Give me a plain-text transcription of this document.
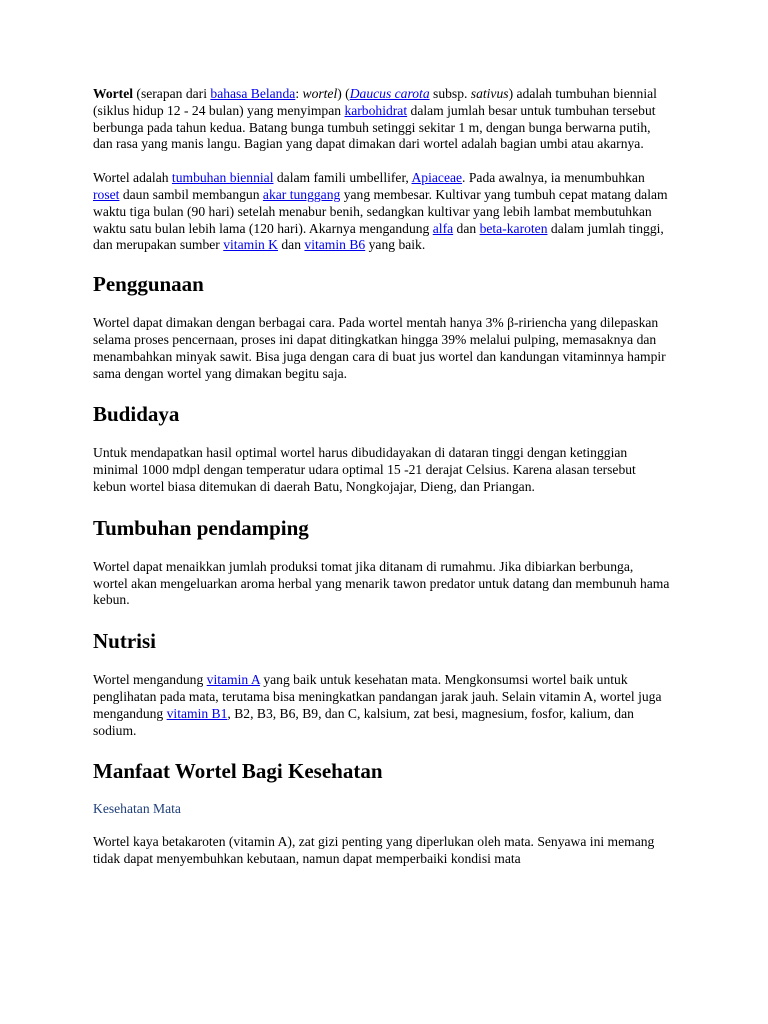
Wortel (serapan dari bahasa Belanda: wortel) (Daucus carota subsp. sativus) adalah tumbuhan biennial (siklus hidup 12 - 24 bulan) yang menyimpan karbohidrat dalam jumlah besar untuk tumbuhan tersebut berbunga pada tahun kedua. Batang bunga tumbuh setinggi sekitar 1 m, dengan bunga berwarna putih, dan rasa yang manis langu. Bagian yang dapat dimakan dari wortel adalah bagian umbi atau akarnya.

Wortel adalah tumbuhan biennial dalam famili umbellifer, Apiaceae. Pada awalnya, ia menumbuhkan roset daun sambil membangun akar tunggang yang membesar. Kultivar yang tumbuh cepat matang dalam waktu tiga bulan (90 hari) setelah menabur benih, sedangkan kultivar yang lebih lambat membutuhkan waktu satu bulan lebih lama (120 hari). Akarnya mengandung alfa dan beta-karoten dalam jumlah tinggi, dan merupakan sumber vitamin K dan vitamin B6 yang baik.

Penggunaan

Wortel dapat dimakan dengan berbagai cara. Pada wortel mentah hanya 3% β-ririencha yang dilepaskan selama proses pencernaan, proses ini dapat ditingkatkan hingga 39% melalui pulping, memasaknya dan menambahkan minyak sawit. Bisa juga dengan cara di buat jus wortel dan kandungan vitaminnya hampir sama dengan wortel yang dimakan begitu saja.

Budidaya

Untuk mendapatkan hasil optimal wortel harus dibudidayakan di dataran tinggi dengan ketinggian minimal 1000 mdpl dengan temperatur udara optimal 15 -21 derajat Celsius. Karena alasan tersebut kebun wortel biasa ditemukan di daerah Batu, Nongkojajar, Dieng, dan Priangan.

Tumbuhan pendamping

Wortel dapat menaikkan jumlah produksi tomat jika ditanam di rumahmu. Jika dibiarkan berbunga, wortel akan mengeluarkan aroma herbal yang menarik tawon predator untuk datang dan membunuh hama kebun.

Nutrisi

Wortel mengandung vitamin A yang baik untuk kesehatan mata. Mengkonsumsi wortel baik untuk penglihatan pada mata, terutama bisa meningkatkan pandangan jarak jauh. Selain vitamin A, wortel juga mengandung vitamin B1, B2, B3, B6, B9, dan C, kalsium, zat besi, magnesium, fosfor, kalium, dan sodium.

Manfaat Wortel Bagi Kesehatan
Kesehatan Mata

Wortel kaya betakaroten (vitamin A), zat gizi penting yang diperlukan oleh mata. Senyawa ini memang tidak dapat menyembuhkan kebutaan, namun dapat memperbaiki kondisi mata
